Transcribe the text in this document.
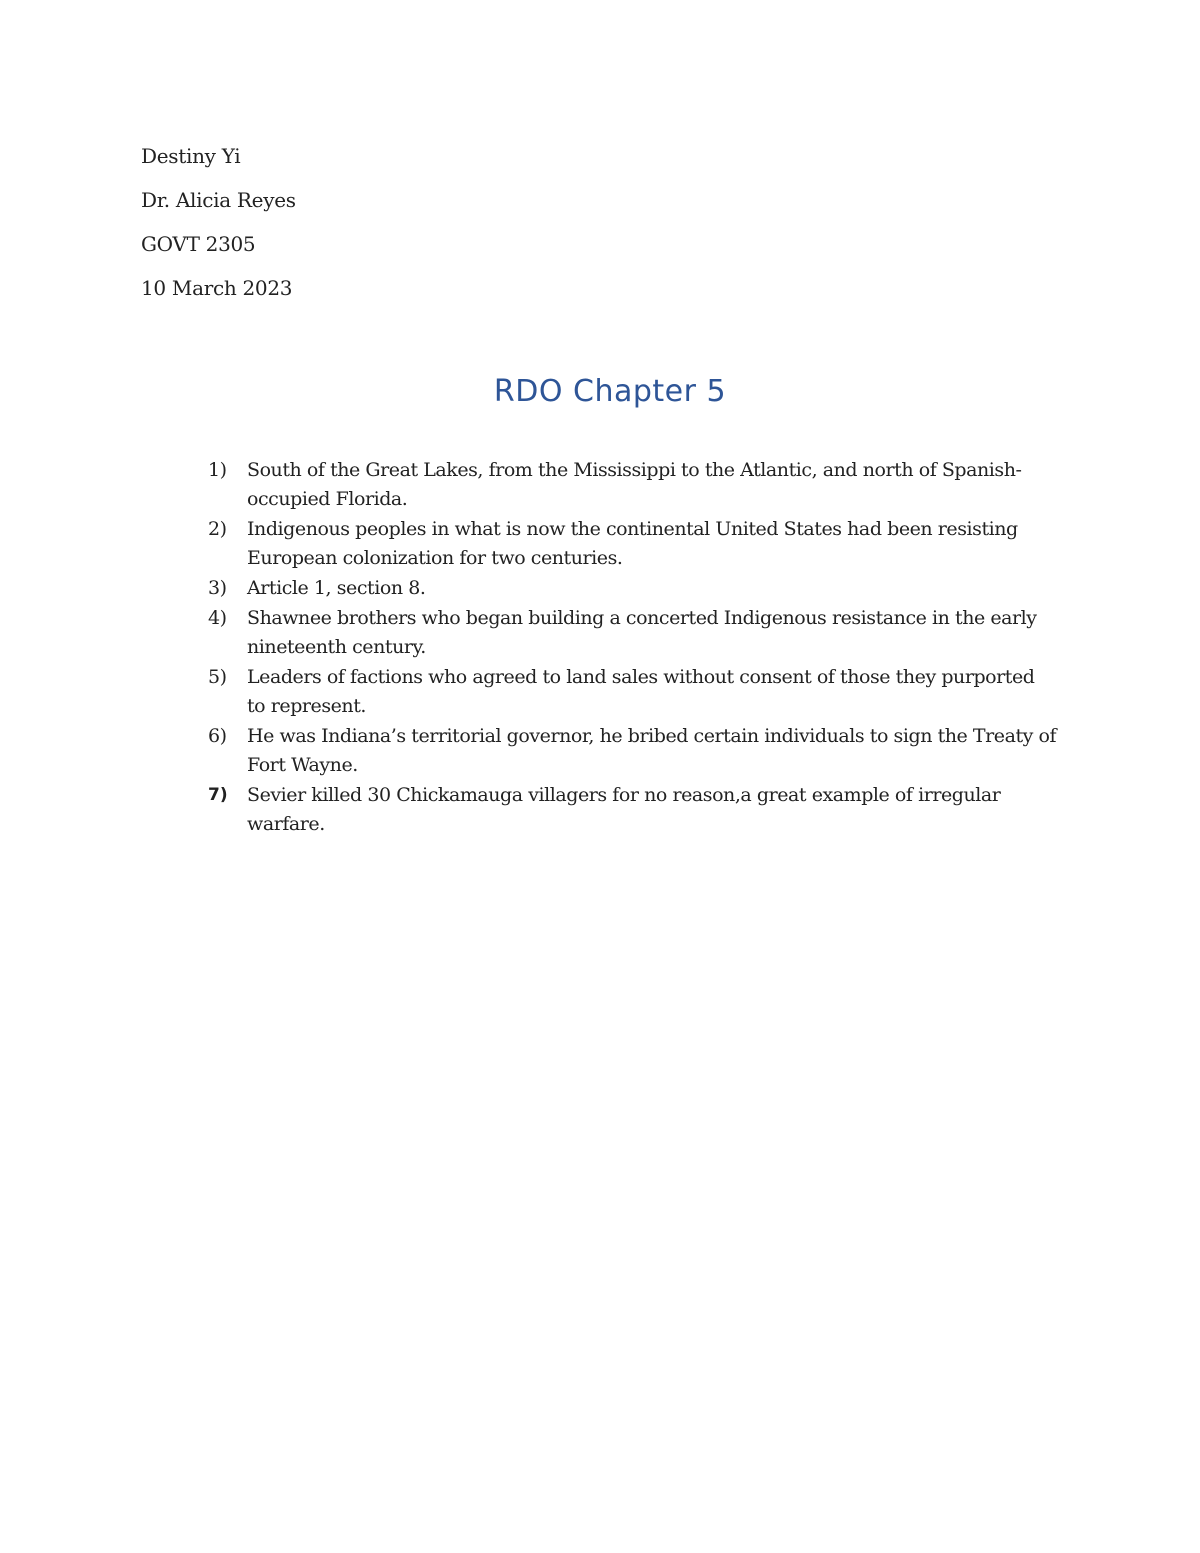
Destiny Yi

Dr. Alicia Reyes

GOVT 2305

10 March 2023

RDO Chapter 5
1)	South of the Great Lakes, from the Mississippi to the Atlantic, and north of Spanish-occupied Florida.
2)	Indigenous peoples in what is now the continental United States had been resisting European colonization for two centuries.
3)	Article 1, section 8.
4)	Shawnee brothers who began building a concerted Indigenous resistance in the early nineteenth century.
5)	Leaders of factions who agreed to land sales without consent of those they purported to represent.
6)	He was Indiana’s territorial governor, he bribed certain individuals to sign the Treaty of Fort Wayne.
7)	Sevier killed 30 Chickamauga villagers for no reason,a great example of irregular warfare.
